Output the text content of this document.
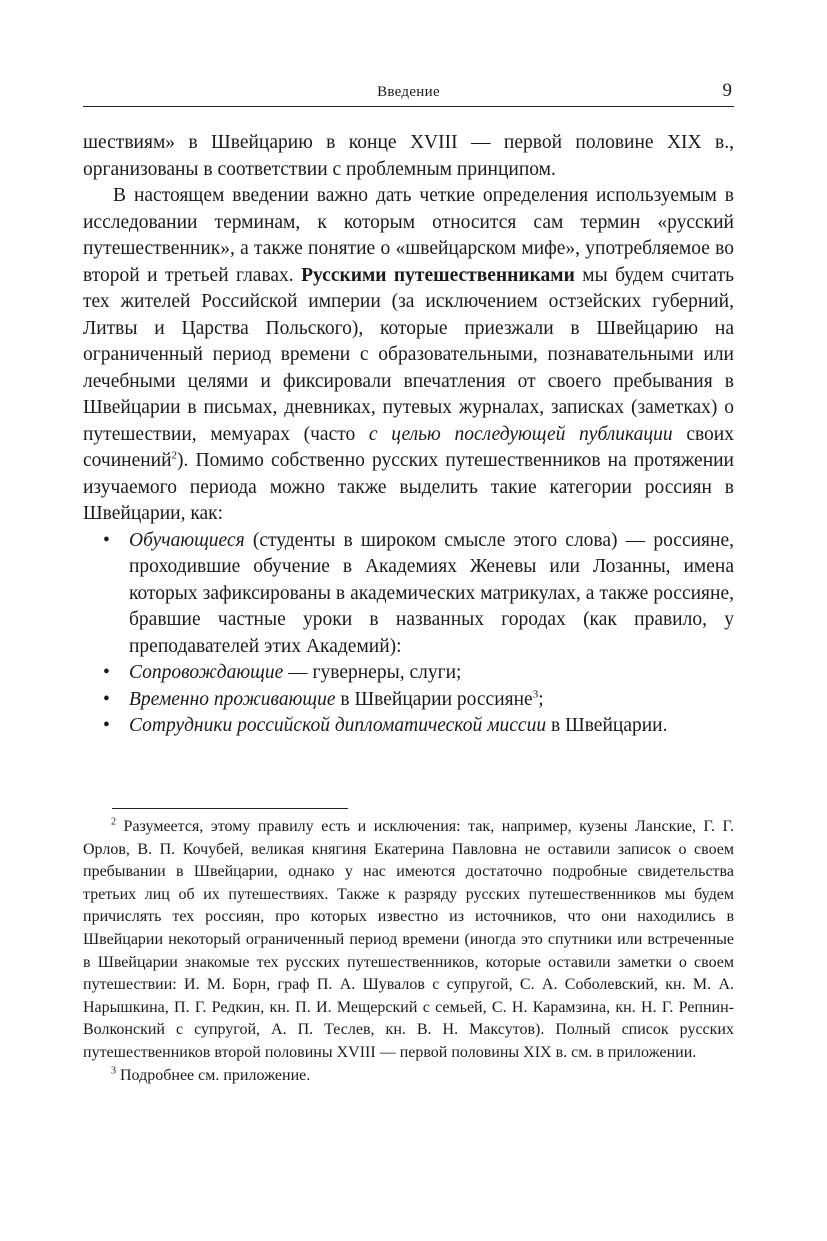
Введение	9

шествиям» в Швейцарию в конце XVIII — первой половине XIX в., организованы в соответствии с проблемным принципом.

В настоящем введении важно дать четкие определения используемым в исследовании терминам, к которым относится сам термин «русский путешественник», а также понятие о «швейцарском мифе», употребляемое во второй и третьей главах. Русскими путешественниками мы будем считать тех жителей Российской империи (за исключением остзейских губерний, Литвы и Царства Польского), которые приезжали в Швейцарию на ограниченный период времени с образовательными, познавательными или лечебными целями и фиксировали впечатления от своего пребывания в Швейцарии в письмах, дневниках, путевых журналах, записках (заметках) о путешествии, мемуарах (часто с целью последующей публикации своих сочинений$^2$). Помимо собственно русских путешественников на протяжении изучаемого периода можно также выделить такие категории россиян в Швейцарии, как:

• Обучающиеся (студенты в широком смысле этого слова) — россияне, проходившие обучение в Академиях Женевы или Лозанны, имена которых зафиксированы в академических матрикулах, а также россияне, бравшие частные уроки в названных городах (как правило, у преподавателей этих Академий):
• Сопровождающие — гувернеры, слуги;
• Временно проживающие в Швейцарии россияне$^3$;
• Сотрудники российской дипломатической миссии в Швейцарии.

$^2$ Разумеется, этому правилу есть и исключения: так, например, кузены Ланские, Г. Г. Орлов, В. П. Кочубей, великая княгиня Екатерина Павловна не оставили записок о своем пребывании в Швейцарии, однако у нас имеются достаточно подробные свидетельства третьих лиц об их путешествиях. Также к разряду русских путешественников мы будем причислять тех россиян, про которых известно из источников, что они находились в Швейцарии некоторый ограниченный период времени (иногда это спутники или встреченные в Швейцарии знакомые тех русских путешественников, которые оставили заметки о своем путешествии: И. М. Борн, граф П. А. Шувалов с супругой, С. А. Соболевский, кн. М. А. Нарышкина, П. Г. Редкин, кн. П. И. Мещерский с семьей, С. Н. Карамзина, кн. Н. Г. Репнин-Волконский с супругой, А. П. Теслев, кн. В. Н. Максутов). Полный список русских путешественников второй половины XVIII — первой половины XIX в. см. в приложении.

$^3$ Подробнее см. приложение.
